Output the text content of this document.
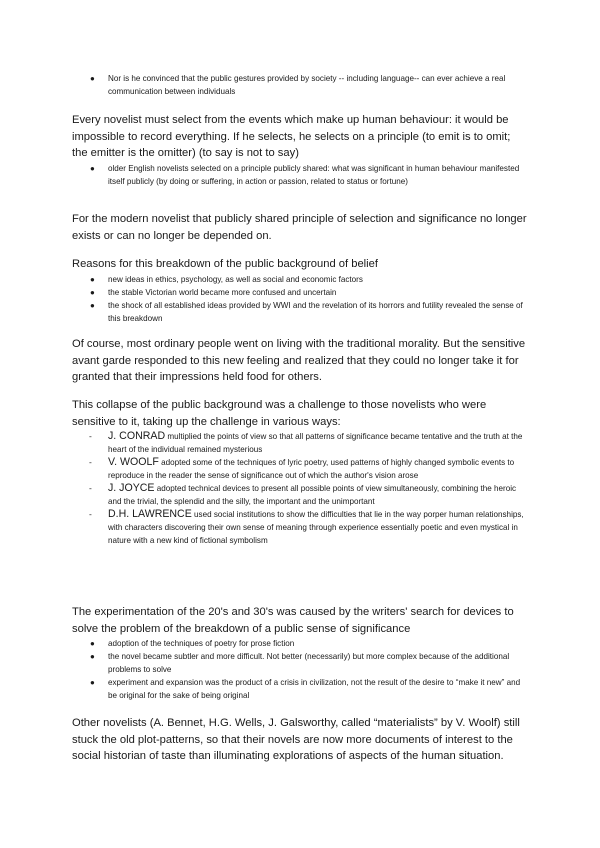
●	Nor is he convinced that the public gestures provided by society -- including language-- can ever achieve a real communication between individuals

Every novelist must select from the events which make up human behaviour: it would be impossible to record everything. If he selects, he selects on a principle (to emit is to omit; the emitter is the omitter) (to say is not to say)

●	older English novelists selected on a principle publicly shared: what was significant in human behaviour manifested itself publicly (by doing or suffering, in action or passion, related to status or fortune)

For the modern novelist that publicly shared principle of selection and significance no longer exists or can no longer be depended on.

Reasons for this breakdown of the public background of belief

●	new ideas in ethics, psychology, as well as social and economic factors
●	the stable Victorian world became more confused and uncertain
●	the shock of all established ideas provided by WWI and the revelation of its horrors and futility revealed the sense of this breakdown

Of course, most ordinary people went on living with the traditional morality. But the sensitive avant garde responded to this new feeling and realized that they could no longer take it for granted that their impressions held food for others.

This collapse of the public background was a challenge to those novelists who were sensitive to it, taking up the challenge in various ways:

-	J. CONRAD multiplied the points of view so that all patterns of significance became tentative and the truth at the heart of the individual remained mysterious
-	V. WOOLF adopted some of the techniques of lyric poetry, used patterns of highly changed symbolic events to reproduce in the reader the sense of significance out of which the author's vision arose
-	J. JOYCE adopted technical devices to present all possible points of view simultaneously, combining the heroic and the trivial, the splendid and the silly, the important and the unimportant
-	D.H. LAWRENCE used social institutions to show the difficulties that lie in the way porper human relationships, with characters discovering their own sense of meaning through experience essentially poetic and even mystical in nature with a new kind of fictional symbolism

The experimentation of the 20's and 30's was caused by the writers' search for devices to solve the problem of the breakdown of a public sense of significance

●	adoption of the techniques of poetry for prose fiction
●	the novel became subtler and more difficult. Not better (necessarily) but more complex because of the additional problems to solve
●	experiment and expansion was the product of a crisis in civilization, not the result of the desire to “make it new” and be original for the sake of being original

Other novelists (A. Bennet, H.G. Wells, J. Galsworthy, called “materialists” by V. Woolf) still stuck the old plot-patterns, so that their novels are now more documents of interest to the social historian of taste than illuminating explorations of aspects of the human situation.
